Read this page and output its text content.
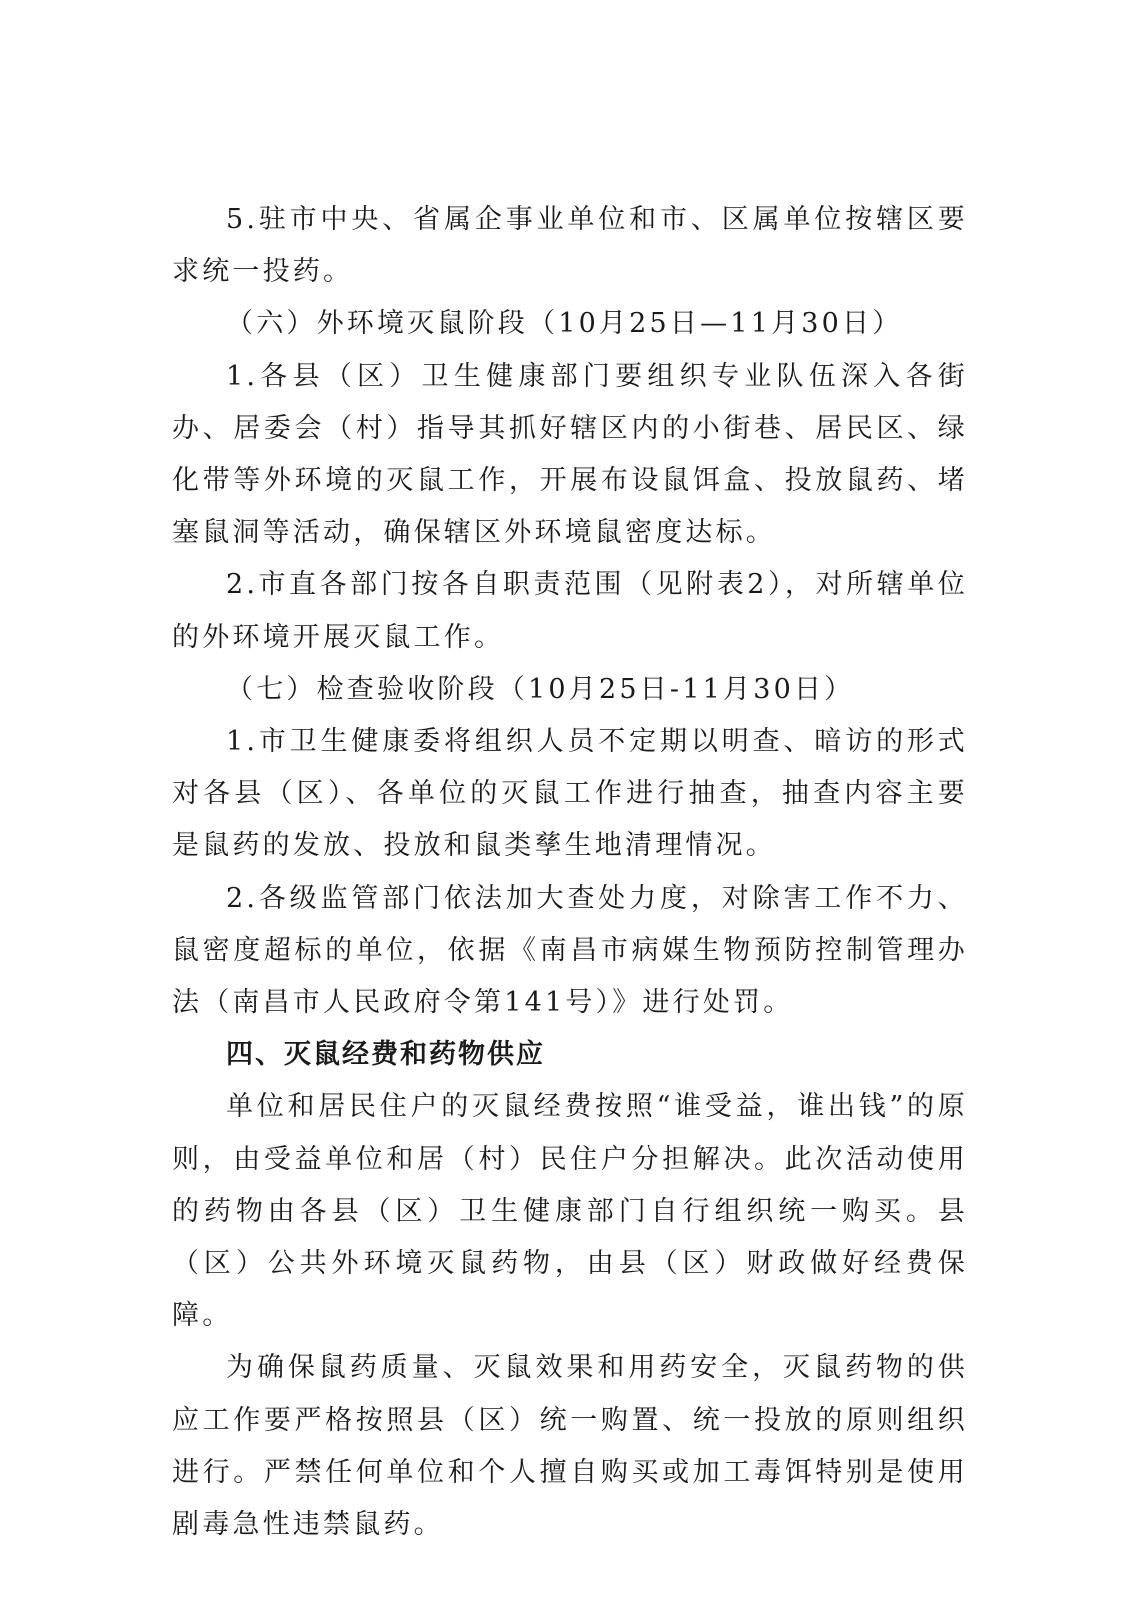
5.驻市中央、省属企事业单位和市、区属单位按辖区要求统一投药。

（六）外环境灭鼠阶段（10月25日—11月30日）

1.各县（区）卫生健康部门要组织专业队伍深入各街办、居委会（村）指导其抓好辖区内的小街巷、居民区、绿化带等外环境的灭鼠工作，开展布设鼠饵盒、投放鼠药、堵塞鼠洞等活动，确保辖区外环境鼠密度达标。

2.市直各部门按各自职责范围（见附表2），对所辖单位的外环境开展灭鼠工作。

（七）检查验收阶段（10月25日-11月30日）

1.市卫生健康委将组织人员不定期以明查、暗访的形式对各县（区）、各单位的灭鼠工作进行抽查，抽查内容主要是鼠药的发放、投放和鼠类孳生地清理情况。

2.各级监管部门依法加大查处力度，对除害工作不力、鼠密度超标的单位，依据《南昌市病媒生物预防控制管理办法（南昌市人民政府令第141号）》进行处罚。

四、灭鼠经费和药物供应

单位和居民住户的灭鼠经费按照“谁受益，谁出钱”的原则，由受益单位和居（村）民住户分担解决。此次活动使用的药物由各县（区）卫生健康部门自行组织统一购买。县（区）公共外环境灭鼠药物，由县（区）财政做好经费保障。

为确保鼠药质量、灭鼠效果和用药安全，灭鼠药物的供应工作要严格按照县（区）统一购置、统一投放的原则组织进行。严禁任何单位和个人擅自购买或加工毒饵特别是使用剧毒急性违禁鼠药。
